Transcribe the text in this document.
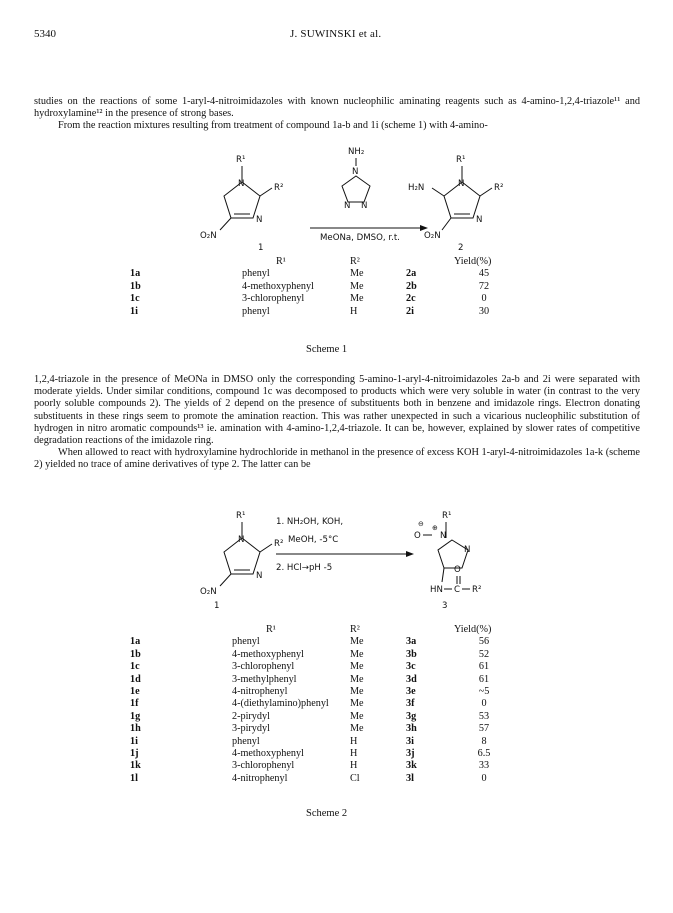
5340	J. SUWINSKI et al.

studies on the reactions of some 1-aryl-4-nitroimidazoles with known nucleophilic aminating reagents such as 4-amino-1,2,4-triazole¹¹ and hydroxylamine¹² in the presence of strong bases.

From the reaction mixtures resulting from treatment of compound 1a-b and 1i (scheme 1) with 4-amino-

R¹
N	R²
N
O₂N
1
NH₂
N
N N
MeONa, DMSO, r.t.
R¹
N	R²
H₂N
N
O₂N
2
	R¹	R²		Yield(%)
1a	phenyl	Me	2a	45
1b	4-methoxyphenyl	Me	2b	72
1c	3-chlorophenyl	Me	2c	0
1i	phenyl	H	2i	30
Scheme 1

1,2,4-triazole in the presence of MeONa in DMSO only the corresponding 5-amino-1-aryl-4-nitroimidazoles 2a-b and 2i were separated with moderate yields. Under similar conditions, compound 1c was decomposed to products which were very soluble in water (in contrast to the very poorly soluble compounds 2). The yields of 2 depend on the presence of substituents both in benzene and imidazole rings. Electron donating substituents in these rings seem to promote the amination reaction. This was rather unexpected in such a vicarious nucleophilic substitution of hydrogen in nitro aromatic compounds¹³ ie. amination with 4-amino-1,2,4-triazole. It can be, however, explained by slower rates of competitive degradation reactions of the imidazole ring.

When allowed to react with hydroxylamine hydrochloride in methanol in the presence of excess KOH 1-aryl-4-nitroimidazoles 1a-k (scheme 2) yielded no trace of amine derivatives of type 2. The latter can be

R¹
N	R²
N
O₂N
1
1. NH₂OH, KOH,
MeOH, -5°C
2. HCl→pH -5
⊖
O
⊕
N
R¹
N
HN C
O
R²
3
	R¹	R²		Yield(%)
1a	phenyl	Me	3a	56
1b	4-methoxyphenyl	Me	3b	52
1c	3-chlorophenyl	Me	3c	61
1d	3-methylphenyl	Me	3d	61
1e	4-nitrophenyl	Me	3e	~5
1f	4-(diethylamino)phenyl	Me	3f	0
1g	2-pirydyl	Me	3g	53
1h	3-pirydyl	Me	3h	57
1i	phenyl	H	3i	8
1j	4-methoxyphenyl	H	3j	6.5
1k	3-chlorophenyl	H	3k	33
1l	4-nitrophenyl	Cl	3l	0
Scheme 2
